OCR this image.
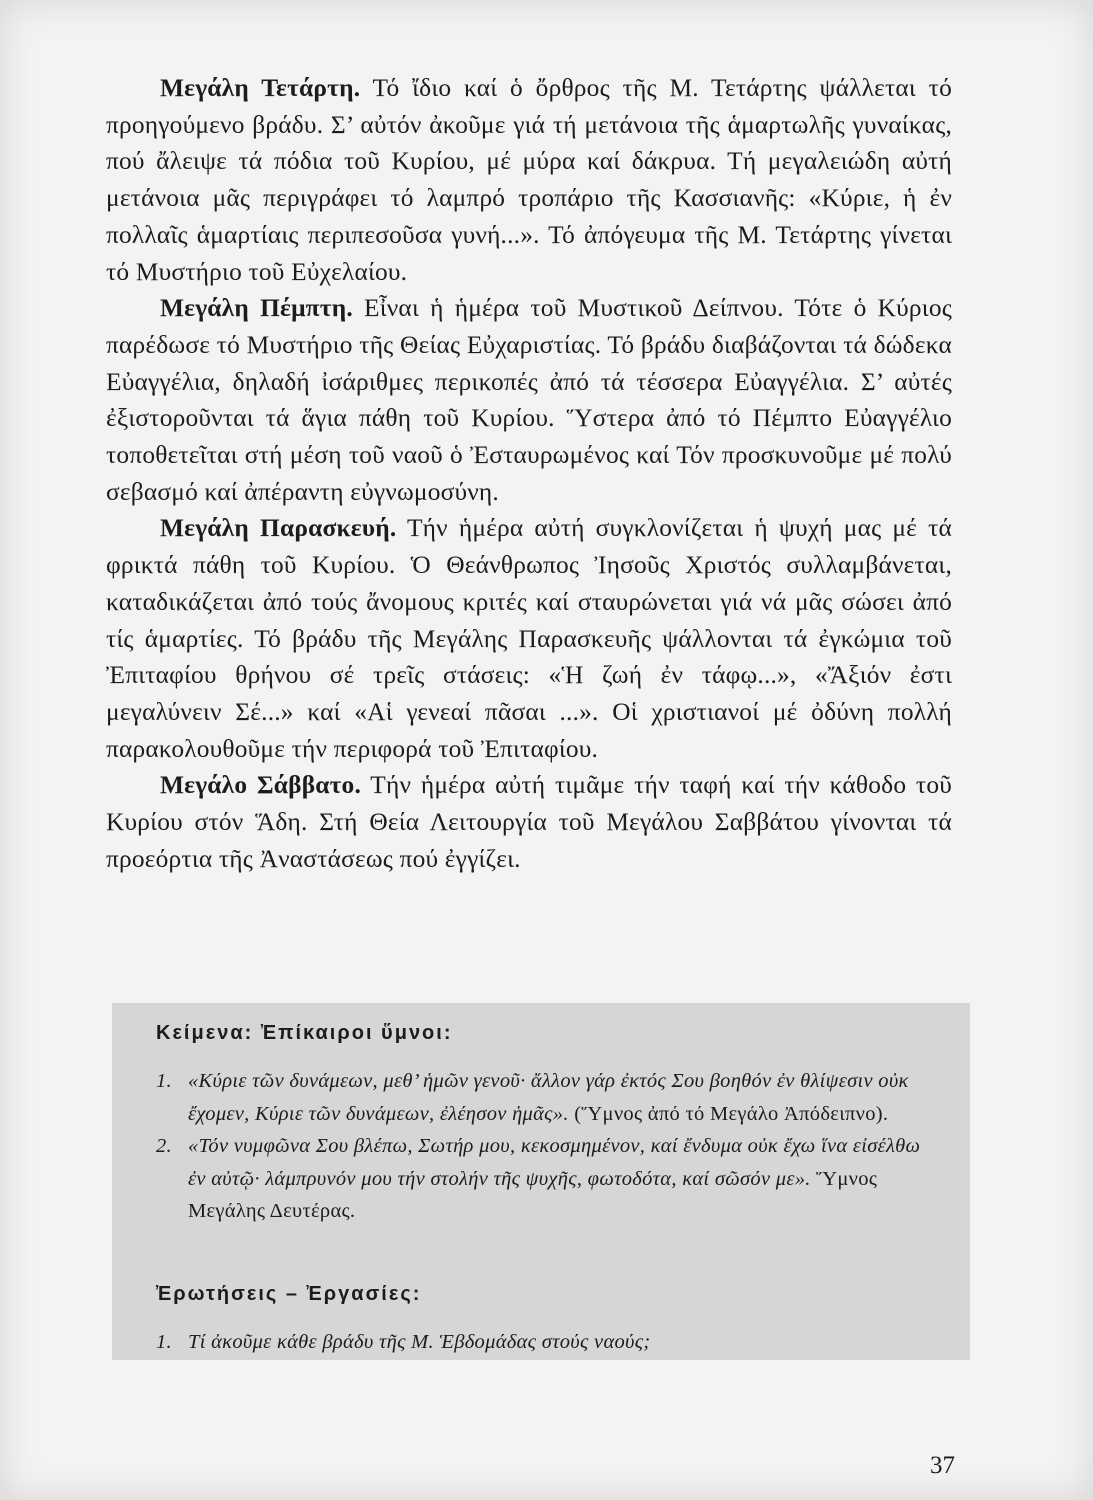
Μεγάλη Τετάρτη. Τό ἴδιο καί ὁ ὄρθρος τῆς Μ. Τετάρτης ψάλλεται τό προηγούμενο βράδυ. Σ’ αὐτόν ἀκοῦμε γιά τή μετάνοια τῆς ἁμαρτωλῆς γυναίκας, πού ἄλειψε τά πόδια τοῦ Κυρίου, μέ μύρα καί δάκρυα. Τή μεγαλειώδη αὐτή μετάνοια μᾶς περιγράφει τό λαμπρό τροπάριο τῆς Κασσιανῆς: «Κύριε, ἡ ἐν πολλαῖς ἁμαρτίαις περιπεσοῦσα γυνή...». Τό ἀπόγευμα τῆς Μ. Τετάρτης γίνεται τό Μυστήριο τοῦ Εὐχελαίου.

Μεγάλη Πέμπτη. Εἶναι ἡ ἡμέρα τοῦ Μυστικοῦ Δείπνου. Τότε ὁ Κύριος παρέδωσε τό Μυστήριο τῆς Θείας Εὐχαριστίας. Τό βράδυ διαβάζονται τά δώδεκα Εὐαγγέλια, δηλαδή ἰσάριθμες περικοπές ἀπό τά τέσσερα Εὐαγγέλια. Σ’ αὐτές ἐξιστοροῦνται τά ἅγια πάθη τοῦ Κυρίου. Ὕστερα ἀπό τό Πέμπτο Εὐαγγέλιο τοποθετεῖται στή μέση τοῦ ναοῦ ὁ Ἐσταυρωμένος καί Τόν προσκυνοῦμε μέ πολύ σεβασμό καί ἀπέραντη εὐγνωμοσύνη.

Μεγάλη Παρασκευή. Τήν ἡμέρα αὐτή συγκλονίζεται ἡ ψυχή μας μέ τά φρικτά πάθη τοῦ Κυρίου. Ὁ Θεάνθρωπος Ἰησοῦς Χριστός συλλαμβάνεται, καταδικάζεται ἀπό τούς ἄνομους κριτές καί σταυρώνεται γιά νά μᾶς σώσει ἀπό τίς ἁμαρτίες. Τό βράδυ τῆς Μεγάλης Παρασκευῆς ψάλλονται τά ἐγκώμια τοῦ Ἐπιταφίου θρήνου σέ τρεῖς στάσεις: «Ἡ ζωή ἐν τάφῳ...», «Ἄξιόν ἐστι μεγαλύνειν Σέ...» καί «Αἱ γενεαί πᾶσαι ...». Οἱ χριστιανοί μέ ὀδύνη πολλή παρακολουθοῦμε τήν περιφορά τοῦ Ἐπιταφίου.

Μεγάλο Σάββατο. Τήν ἡμέρα αὐτή τιμᾶμε τήν ταφή καί τήν κάθοδο τοῦ Κυρίου στόν Ἅδη. Στή Θεία Λειτουργία τοῦ Μεγάλου Σαββάτου γίνονται τά προεόρτια τῆς Ἀναστάσεως πού ἐγγίζει.

Κείμενα: Ἐπίκαιροι ὕμνοι:

1. «Κύριε τῶν δυνάμεων, μεθ’ ἡμῶν γενοῦ· ἄλλον γάρ ἐκτός Σου βοηθόν ἐν θλίψεσιν οὐκ ἔχομεν, Κύριε τῶν δυνάμεων, ἐλέησον ἡμᾶς». (Ὕμνος ἀπό τό Μεγάλο Ἀπόδειπνο).

2. «Τόν νυμφῶνα Σου βλέπω, Σωτήρ μου, κεκοσμημένον, καί ἔνδυμα οὐκ ἔχω ἵνα εἰσέλθω ἐν αὐτῷ· λάμπρυνόν μου τήν στολήν τῆς ψυχῆς, φωτοδότα, καί σῶσόν με». Ὕμνος Μεγάλης Δευτέρας.

Ἐρωτήσεις – Ἐργασίες:

1. Τί ἀκοῦμε κάθε βράδυ τῆς Μ. Ἑβδομάδας στούς ναούς;

37
